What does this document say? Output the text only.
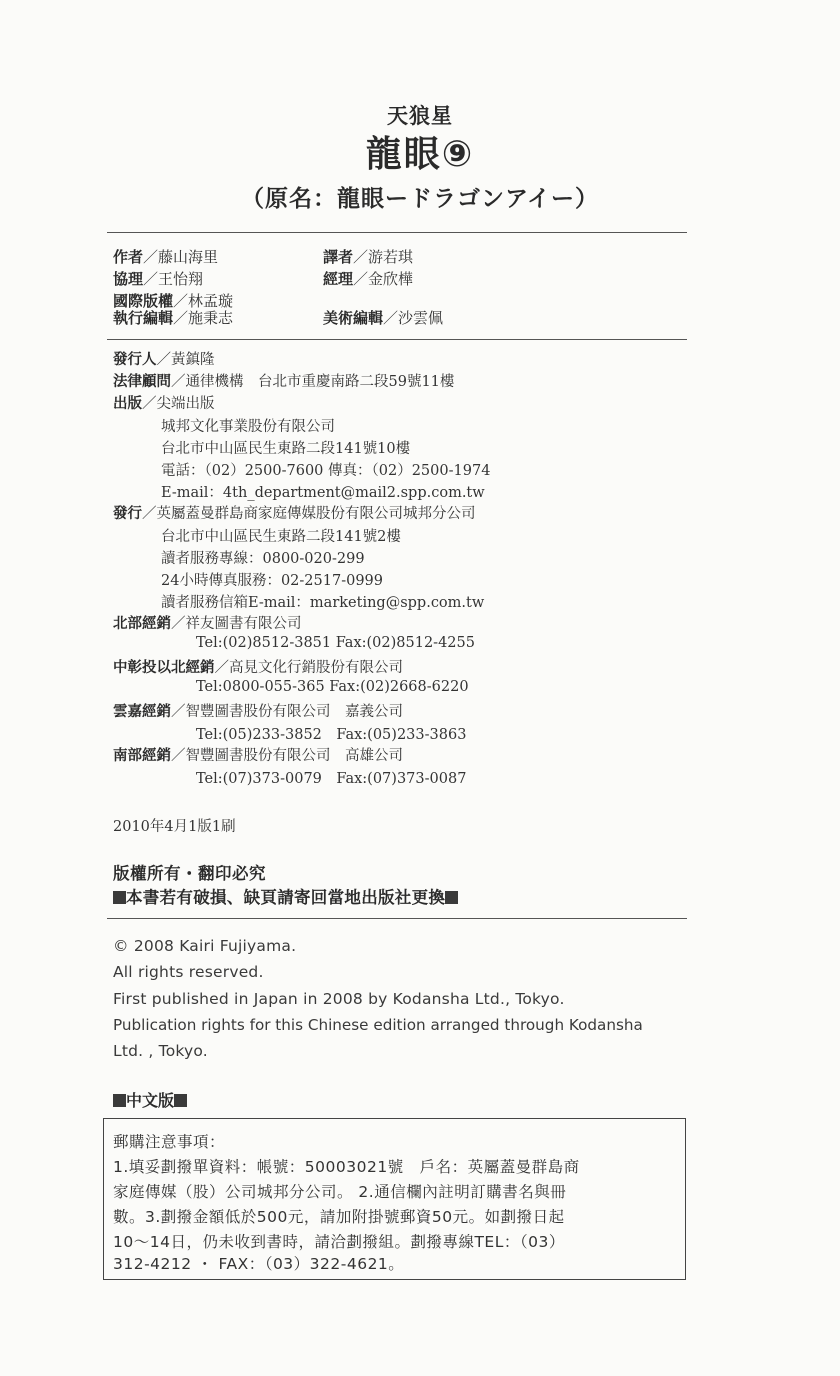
天狼星
龍眼⑨
（原名：龍眼ードラゴンアイー）
作者／藤山海里
協理／王怡翔
國際版權／林孟璇
執行編輯／施秉志
譯者／游若琪
經理／金欣樺
美術編輯／沙雲佩
發行人／黃鎮隆
法律顧問／通律機構　台北市重慶南路二段59號11樓
出版／尖端出版
城邦文化事業股份有限公司
台北市中山區民生東路二段141號10樓
電話：（02）2500-7600 傳真：（02）2500-1974
E-mail：4th_department@mail2.spp.com.tw
發行／英屬蓋曼群島商家庭傳媒股份有限公司城邦分公司
台北市中山區民生東路二段141號2樓
讀者服務專線：0800-020-299
24小時傳真服務：02-2517-0999
讀者服務信箱E-mail：marketing@spp.com.tw
北部經銷／祥友圖書有限公司
Tel:(02)8512-3851 Fax:(02)8512-4255
中彰投以北經銷／高見文化行銷股份有限公司
Tel:0800-055-365 Fax:(02)2668-6220
雲嘉經銷／智豐圖書股份有限公司　嘉義公司
Tel:(05)233-3852　Fax:(05)233-3863
南部經銷／智豐圖書股份有限公司　高雄公司
Tel:(07)373-0079　Fax:(07)373-0087
2010年4月1版1刷
版權所有・翻印必究
本書若有破損、缺頁請寄回當地出版社更換
© 2008 Kairi Fujiyama.
All rights reserved.
First published in Japan in 2008 by Kodansha Ltd., Tokyo.
Publication rights for this Chinese edition arranged through Kodansha
Ltd. , Tokyo.
中文版
郵購注意事項：
1.填妥劃撥單資料：帳號：50003021號　戶名：英屬蓋曼群島商
家庭傳媒（股）公司城邦分公司。 2.通信欄內註明訂購書名與冊
數。3.劃撥金額低於500元，請加附掛號郵資50元。如劃撥日起
10～14日，仍未收到書時，請洽劃撥組。劃撥專線TEL：（03）
312-4212 ・ FAX：（03）322-4621。
